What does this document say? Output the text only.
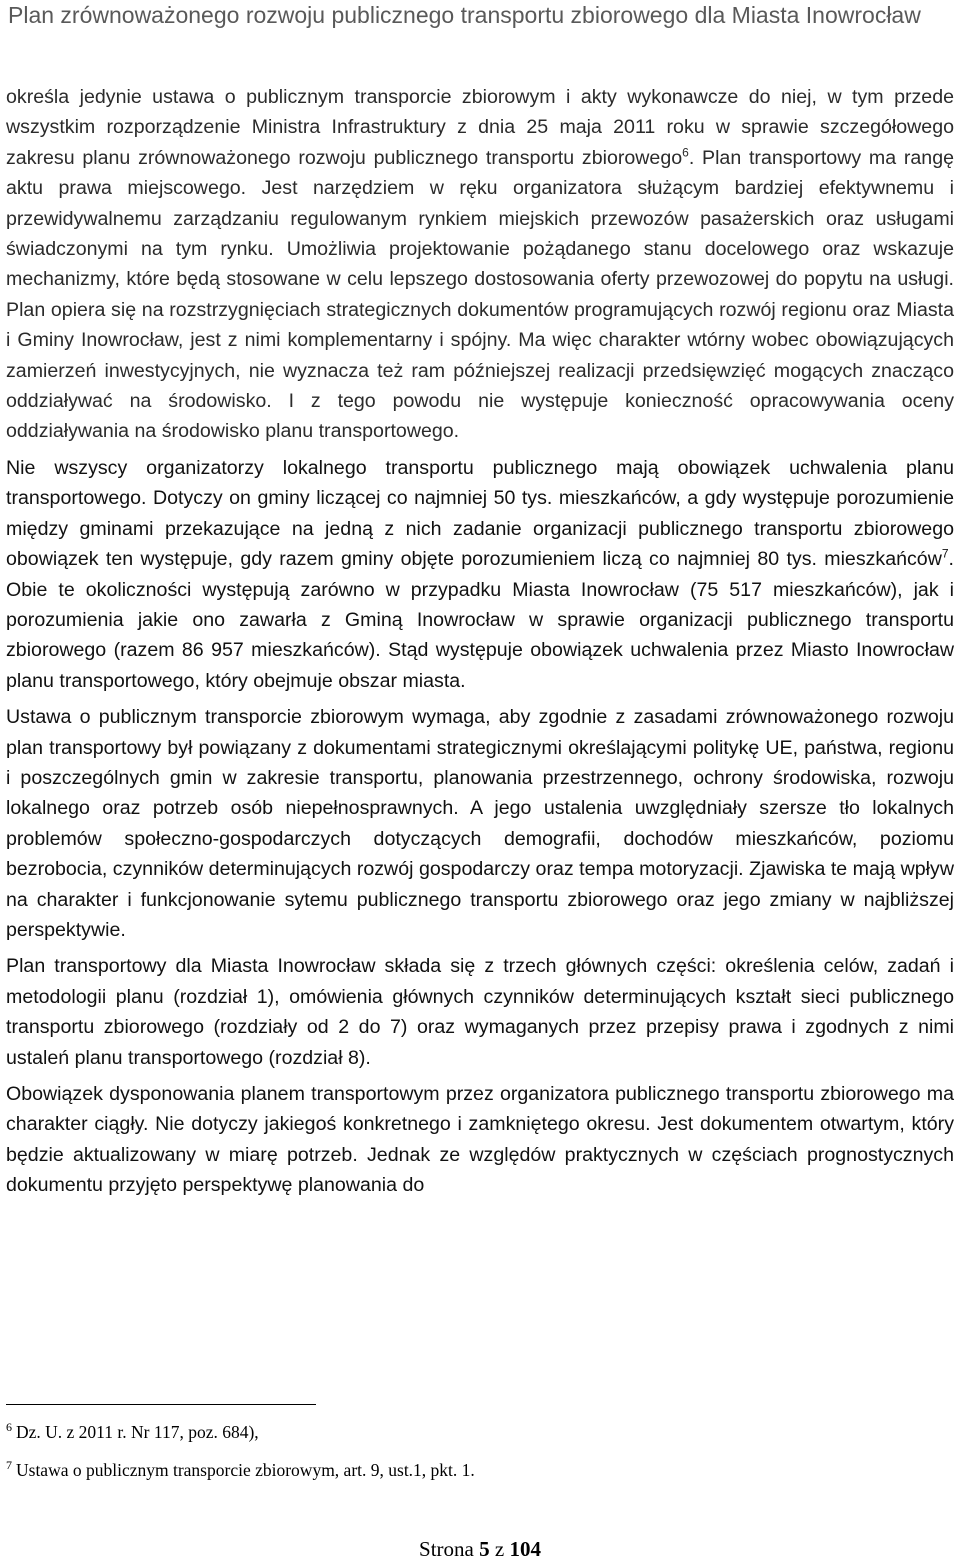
Plan zrównoważonego rozwoju publicznego transportu zbiorowego dla Miasta Inowrocław

określa jedynie ustawa o publicznym transporcie zbiorowym i akty wykonawcze do niej, w tym przede wszystkim rozporządzenie Ministra Infrastruktury z dnia 25 maja 2011 roku w sprawie szczegółowego zakresu planu zrównoważonego rozwoju publicznego transportu zbiorowego$^6$. Plan transportowy ma rangę aktu prawa miejscowego. Jest narzędziem w ręku organizatora służącym bardziej efektywnemu i przewidywalnemu zarządzaniu regulowanym rynkiem miejskich przewozów pasażerskich oraz usługami świadczonymi na tym rynku. Umożliwia projektowanie pożądanego stanu docelowego oraz wskazuje mechanizmy, które będą stosowane w celu lepszego dostosowania oferty przewozowej do popytu na usługi. Plan opiera się na rozstrzygnięciach strategicznych dokumentów programujących rozwój regionu oraz Miasta i Gminy Inowrocław, jest z nimi komplementarny i spójny. Ma więc charakter wtórny wobec obowiązujących zamierzeń inwestycyjnych, nie wyznacza też ram późniejszej realizacji przedsięwzięć mogących znacząco oddziaływać na środowisko. I z tego powodu nie występuje konieczność opracowywania oceny oddziaływania na środowisko planu transportowego.

Nie wszyscy organizatorzy lokalnego transportu publicznego mają obowiązek uchwalenia planu transportowego. Dotyczy on gminy liczącej co najmniej 50 tys. mieszkańców, a gdy występuje porozumienie między gminami przekazujące na jedną z nich zadanie organizacji publicznego transportu zbiorowego obowiązek ten występuje, gdy razem gminy objęte porozumieniem liczą co najmniej 80 tys. mieszkańców$^7$. Obie te okoliczności występują zarówno w przypadku Miasta Inowrocław (75 517 mieszkańców), jak i porozumienia jakie ono zawarła z Gminą Inowrocław w sprawie organizacji publicznego transportu zbiorowego (razem 86 957 mieszkańców). Stąd występuje obowiązek uchwalenia przez Miasto Inowrocław planu transportowego, który obejmuje obszar miasta.

Ustawa o publicznym transporcie zbiorowym wymaga, aby zgodnie z zasadami zrównoważonego rozwoju plan transportowy był powiązany z dokumentami strategicznymi określającymi politykę UE, państwa, regionu i poszczególnych gmin w zakresie transportu, planowania przestrzennego, ochrony środowiska, rozwoju lokalnego oraz potrzeb osób niepełnosprawnych. A jego ustalenia uwzględniały szersze tło lokalnych problemów społeczno-gospodarczych dotyczących demografii, dochodów mieszkańców, poziomu bezrobocia, czynników determinujących rozwój gospodarczy oraz tempa motoryzacji. Zjawiska te mają wpływ na charakter i funkcjonowanie sytemu publicznego transportu zbiorowego oraz jego zmiany w najbliższej perspektywie.

Plan transportowy dla Miasta Inowrocław składa się z trzech głównych części: określenia celów, zadań i metodologii planu (rozdział 1), omówienia głównych czynników determinujących kształt sieci publicznego transportu zbiorowego (rozdziały od 2 do 7) oraz wymaganych przez przepisy prawa i zgodnych z nimi ustaleń planu transportowego (rozdział 8).

Obowiązek dysponowania planem transportowym przez organizatora publicznego transportu zbiorowego ma charakter ciągły. Nie dotyczy jakiegoś konkretnego i zamkniętego okresu. Jest dokumentem otwartym, który będzie aktualizowany w miarę potrzeb. Jednak ze względów praktycznych w częściach prognostycznych dokumentu przyjęto perspektywę planowania do

$^6$ Dz. U. z 2011 r. Nr 117, poz. 684),
$^7$ Ustawa o publicznym transporcie zbiorowym, art. 9, ust.1, pkt. 1.
Strona 5 z 104
